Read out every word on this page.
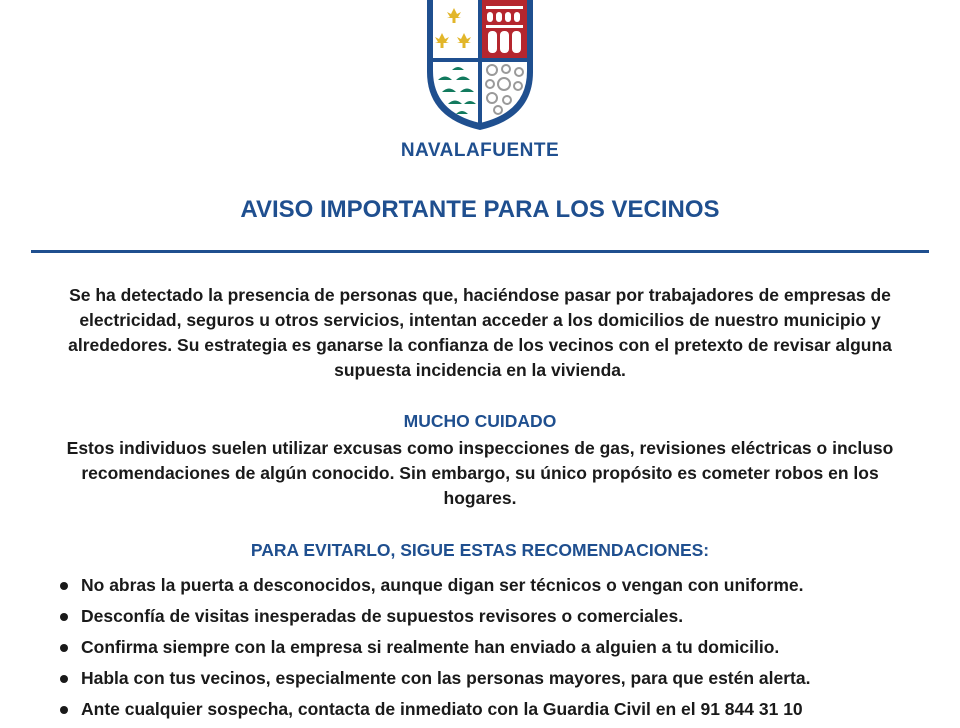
NAVALAFUENTE
AVISO IMPORTANTE PARA LOS VECINOS

Se ha detectado la presencia de personas que, haciéndose pasar por trabajadores de empresas de electricidad, seguros u otros servicios, intentan acceder a los domicilios de nuestro municipio y alrededores. Su estrategia es ganarse la confianza de los vecinos con el pretexto de revisar alguna supuesta incidencia en la vivienda.

MUCHO CUIDADO

Estos individuos suelen utilizar excusas como inspecciones de gas, revisiones eléctricas o incluso recomendaciones de algún conocido. Sin embargo, su único propósito es cometer robos en los hogares.

PARA EVITARLO, SIGUE ESTAS RECOMENDACIONES:
No abras la puerta a desconocidos, aunque digan ser técnicos o vengan con uniforme.
Desconfía de visitas inesperadas de supuestos revisores o comerciales.
Confirma siempre con la empresa si realmente han enviado a alguien a tu domicilio.
Habla con tus vecinos, especialmente con las personas mayores, para que estén alerta.
Ante cualquier sospecha, contacta de inmediato con la Guardia Civil en el 91 844 31 10
